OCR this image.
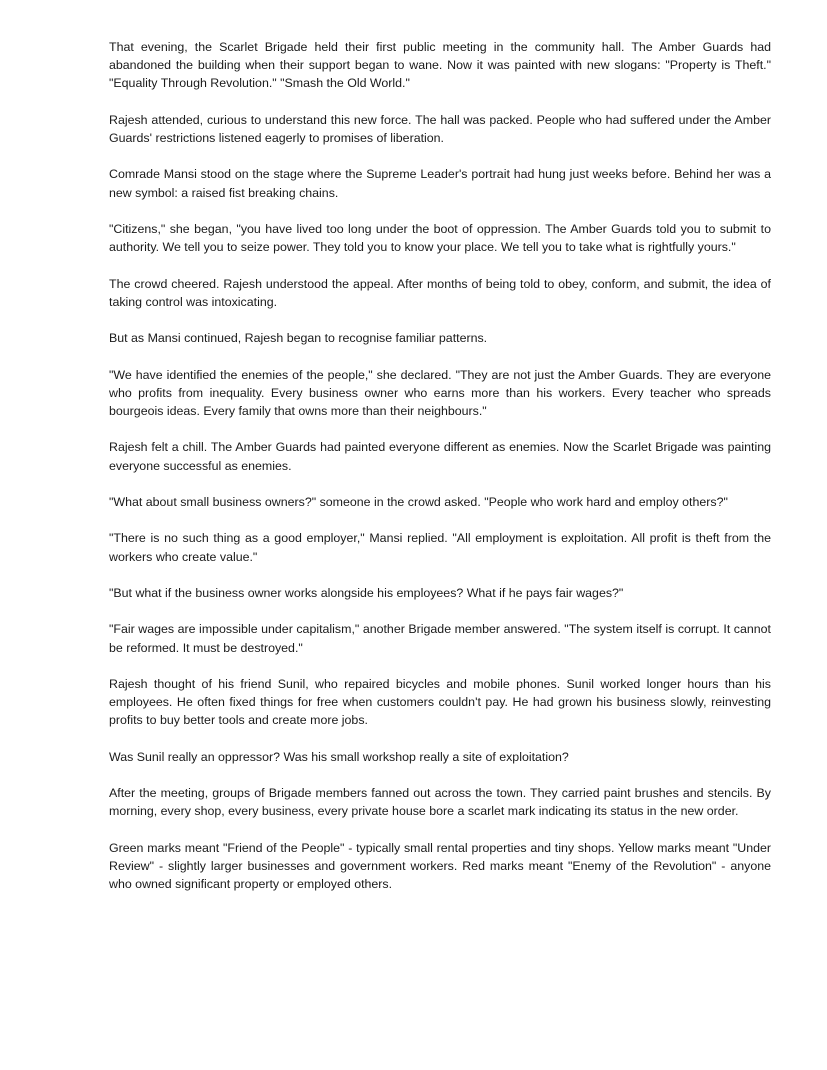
That evening, the Scarlet Brigade held their first public meeting in the community hall. The Amber Guards had abandoned the building when their support began to wane. Now it was painted with new slogans: "Property is Theft." "Equality Through Revolution." "Smash the Old World."

Rajesh attended, curious to understand this new force. The hall was packed. People who had suffered under the Amber Guards' restrictions listened eagerly to promises of liberation.

Comrade Mansi stood on the stage where the Supreme Leader's portrait had hung just weeks before. Behind her was a new symbol: a raised fist breaking chains.

"Citizens," she began, "you have lived too long under the boot of oppression. The Amber Guards told you to submit to authority. We tell you to seize power. They told you to know your place. We tell you to take what is rightfully yours."

The crowd cheered. Rajesh understood the appeal. After months of being told to obey, conform, and submit, the idea of taking control was intoxicating.

But as Mansi continued, Rajesh began to recognise familiar patterns.

"We have identified the enemies of the people," she declared. "They are not just the Amber Guards. They are everyone who profits from inequality. Every business owner who earns more than his workers. Every teacher who spreads bourgeois ideas. Every family that owns more than their neighbours."

Rajesh felt a chill. The Amber Guards had painted everyone different as enemies. Now the Scarlet Brigade was painting everyone successful as enemies.

"What about small business owners?" someone in the crowd asked. "People who work hard and employ others?"

"There is no such thing as a good employer," Mansi replied. "All employment is exploitation. All profit is theft from the workers who create value."

"But what if the business owner works alongside his employees? What if he pays fair wages?"

"Fair wages are impossible under capitalism," another Brigade member answered. "The system itself is corrupt. It cannot be reformed. It must be destroyed."

Rajesh thought of his friend Sunil, who repaired bicycles and mobile phones. Sunil worked longer hours than his employees. He often fixed things for free when customers couldn't pay. He had grown his business slowly, reinvesting profits to buy better tools and create more jobs.

Was Sunil really an oppressor? Was his small workshop really a site of exploitation?

After the meeting, groups of Brigade members fanned out across the town. They carried paint brushes and stencils. By morning, every shop, every business, every private house bore a scarlet mark indicating its status in the new order.

Green marks meant "Friend of the People" - typically small rental properties and tiny shops. Yellow marks meant "Under Review" - slightly larger businesses and government workers. Red marks meant "Enemy of the Revolution" - anyone who owned significant property or employed others.
